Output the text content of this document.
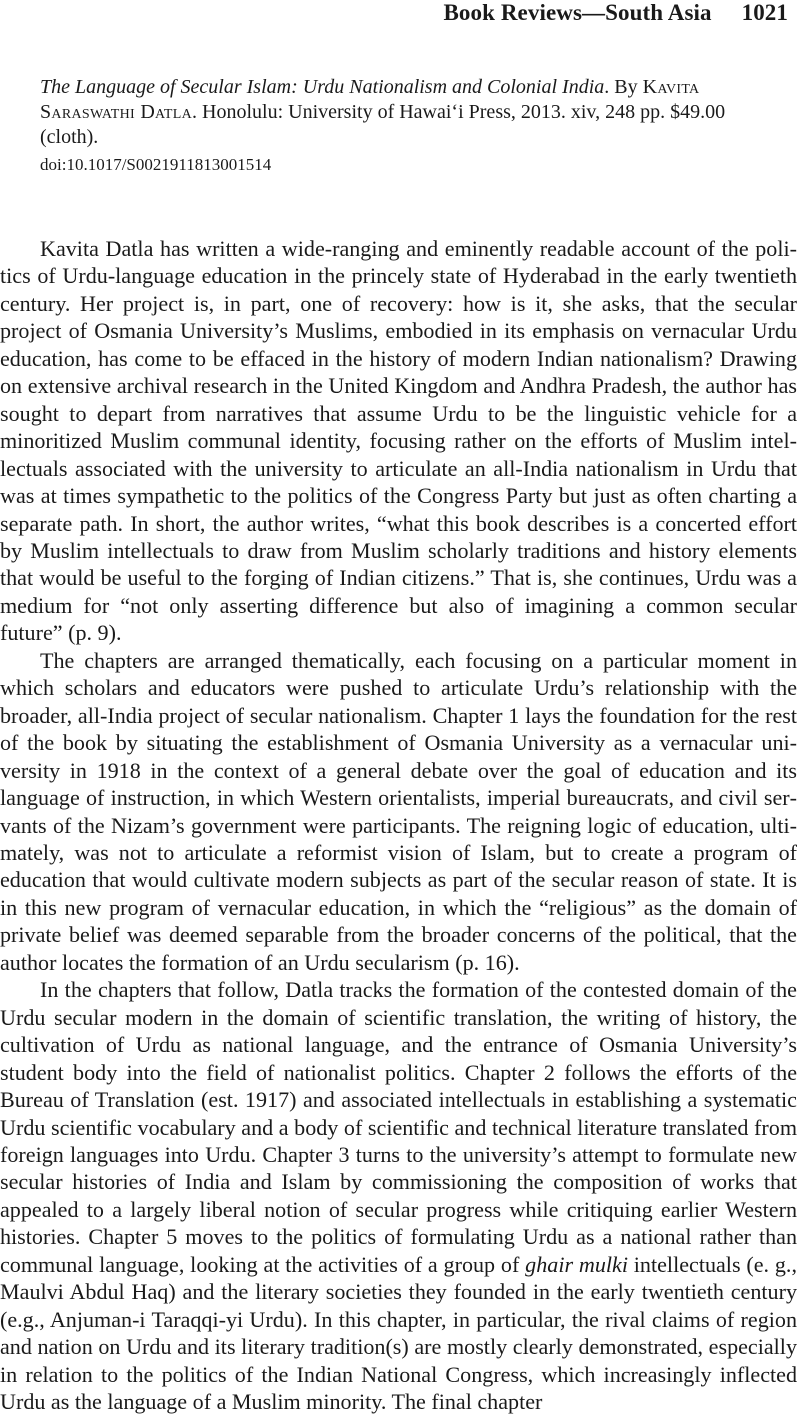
Book Reviews—South Asia 1021
The Language of Secular Islam: Urdu Nationalism and Colonial India. By Kavita Saraswathi Datla. Honolulu: University of Hawaiʻi Press, 2013. xiv, 248 pp. $49.00 (cloth).
doi:10.1017/S0021911813001514

Kavita Datla has written a wide-ranging and eminently readable account of the politics of Urdu-language education in the princely state of Hyderabad in the early twentieth century. Her project is, in part, one of recovery: how is it, she asks, that the secular project of Osmania University’s Muslims, embodied in its emphasis on vernacular Urdu education, has come to be effaced in the history of modern Indian nationalism? Drawing on extensive archival research in the United Kingdom and Andhra Pradesh, the author has sought to depart from narratives that assume Urdu to be the linguistic vehicle for a minoritized Muslim communal identity, focusing rather on the efforts of Muslim intellectuals associated with the university to articulate an all-India nationalism in Urdu that was at times sympathetic to the politics of the Congress Party but just as often charting a separate path. In short, the author writes, “what this book describes is a concerted effort by Muslim intellectuals to draw from Muslim scholarly traditions and history elements that would be useful to the forging of Indian citizens.” That is, she continues, Urdu was a medium for “not only asserting difference but also of imagining a common secular future” (p. 9).

The chapters are arranged thematically, each focusing on a particular moment in which scholars and educators were pushed to articulate Urdu’s relationship with the broader, all-India project of secular nationalism. Chapter 1 lays the foundation for the rest of the book by situating the establishment of Osmania University as a vernacular university in 1918 in the context of a general debate over the goal of education and its language of instruction, in which Western orientalists, imperial bureaucrats, and civil servants of the Nizam’s government were participants. The reigning logic of education, ultimately, was not to articulate a reformist vision of Islam, but to create a program of education that would cultivate modern subjects as part of the secular reason of state. It is in this new program of vernacular education, in which the “religious” as the domain of private belief was deemed separable from the broader concerns of the political, that the author locates the formation of an Urdu secularism (p. 16).

In the chapters that follow, Datla tracks the formation of the contested domain of the Urdu secular modern in the domain of scientific translation, the writing of history, the cultivation of Urdu as national language, and the entrance of Osmania University’s student body into the field of nationalist politics. Chapter 2 follows the efforts of the Bureau of Translation (est. 1917) and associated intellectuals in establishing a systematic Urdu scientific vocabulary and a body of scientific and technical literature translated from foreign languages into Urdu. Chapter 3 turns to the university’s attempt to formulate new secular histories of India and Islam by commissioning the composition of works that appealed to a largely liberal notion of secular progress while critiquing earlier Western histories. Chapter 5 moves to the politics of formulating Urdu as a national rather than communal language, looking at the activities of a group of ghair mulki intellectuals (e. g., Maulvi Abdul Haq) and the literary societies they founded in the early twentieth century (e.g., Anjuman-i Taraqqi-yi Urdu). In this chapter, in particular, the rival claims of region and nation on Urdu and its literary tradition(s) are mostly clearly demonstrated, especially in relation to the politics of the Indian National Congress, which increasingly inflected Urdu as the language of a Muslim minority. The final chapter
